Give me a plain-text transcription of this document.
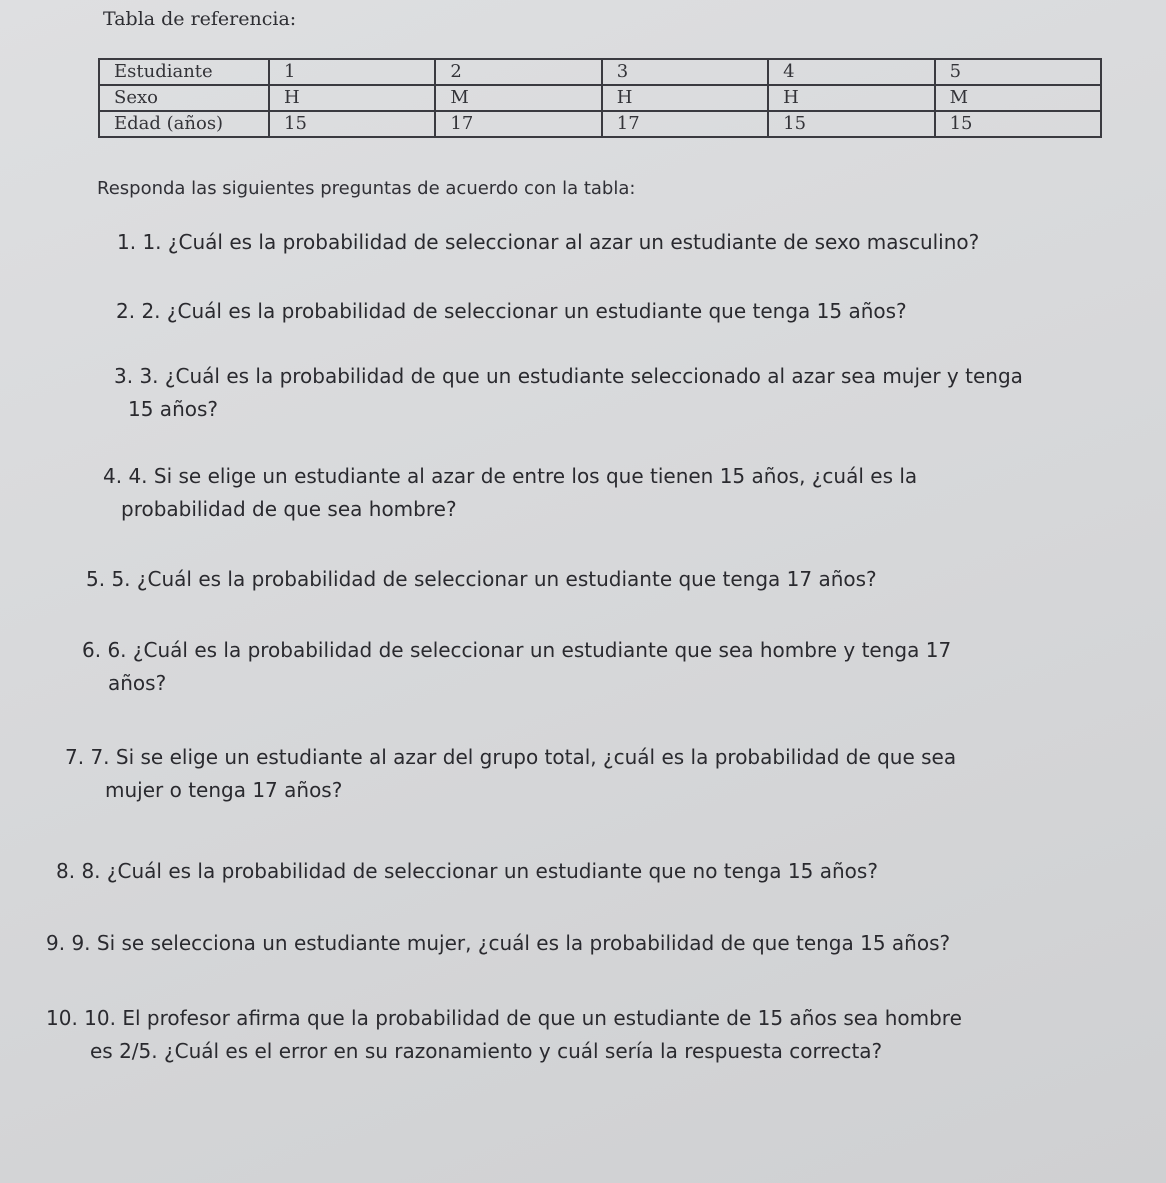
Tabla de referencia:
Estudiante	1	2	3	4	5
Sexo	H	M	H	H	M
Edad (años)	15	17	17	15	15

Responda las siguientes preguntas de acuerdo con la tabla:

1. 1. ¿Cuál es la probabilidad de seleccionar al azar un estudiante de sexo masculino?
2. 2. ¿Cuál es la probabilidad de seleccionar un estudiante que tenga 15 años?
3. 3. ¿Cuál es la probabilidad de que un estudiante seleccionado al azar sea mujer y tenga
15 años?
4. 4. Si se elige un estudiante al azar de entre los que tienen 15 años, ¿cuál es la
probabilidad de que sea hombre?
5. 5. ¿Cuál es la probabilidad de seleccionar un estudiante que tenga 17 años?
6. 6. ¿Cuál es la probabilidad de seleccionar un estudiante que sea hombre y tenga 17
años?
7. 7. Si se elige un estudiante al azar del grupo total, ¿cuál es la probabilidad de que sea
mujer o tenga 17 años?
8. 8. ¿Cuál es la probabilidad de seleccionar un estudiante que no tenga 15 años?
9. 9. Si se selecciona un estudiante mujer, ¿cuál es la probabilidad de que tenga 15 años?
10. 10. El profesor afirma que la probabilidad de que un estudiante de 15 años sea hombre
es 2/5. ¿Cuál es el error en su razonamiento y cuál sería la respuesta correcta?
